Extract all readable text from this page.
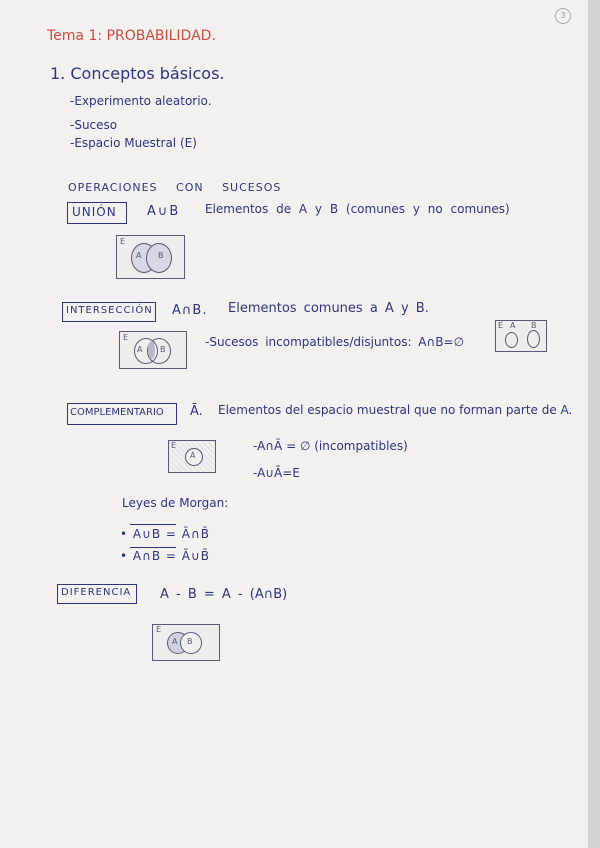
3
Tema 1: PROBABILIDAD.
1. Conceptos básicos.
-Experimento aleatorio.
-Suceso
-Espacio Muestral (E)
OPERACIONES CON SUCESOS
UNIÓN A∪B Elementos de A y B (comunes y no comunes)
E
A B
INTERSECCIÓN A∩B. Elementos comunes a A y B.
E
A B
-Sucesos incompatibles/disjuntos: A∩B=∅
E A B
COMPLEMENTARIO Ā. Elementos del espacio muestral que no forman parte de A.
E
A
-A∩Ā = ∅ (incompatibles)
-A∪Ā=E
Leyes de Morgan:
• A∪B = Ā∩B̄
• A∩B = Ā∪B̄
DIFERENCIA A - B = A - (A∩B)
E
A B
